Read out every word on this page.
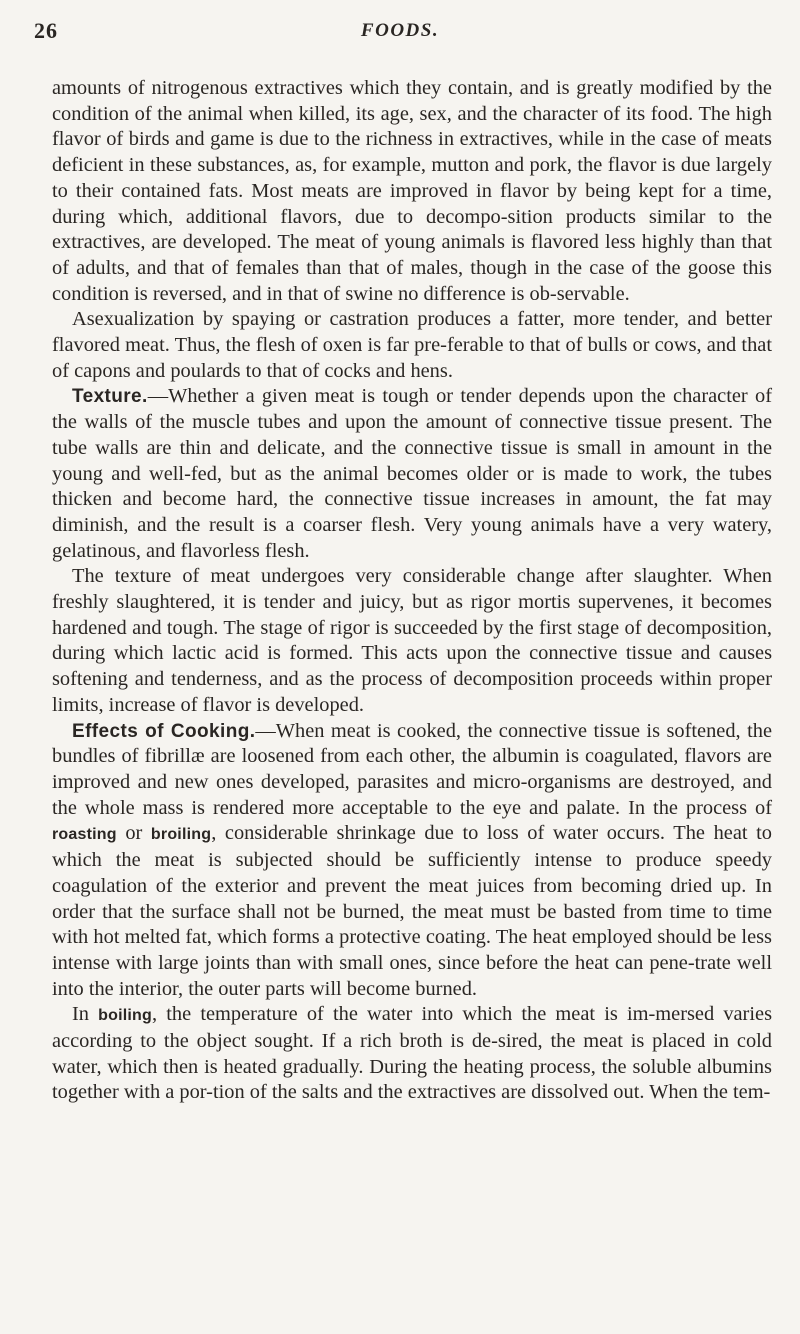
26	FOODS.

amounts of nitrogenous extractives which they contain, and is greatly modified by the condition of the animal when killed, its age, sex, and the character of its food. The high flavor of birds and game is due to the richness in extractives, while in the case of meats deficient in these substances, as, for example, mutton and pork, the flavor is due largely to their contained fats. Most meats are improved in flavor by being kept for a time, during which, additional flavors, due to decompo-sition products similar to the extractives, are developed. The meat of young animals is flavored less highly than that of adults, and that of females than that of males, though in the case of the goose this condition is reversed, and in that of swine no difference is ob-servable.

Asexualization by spaying or castration produces a fatter, more tender, and better flavored meat. Thus, the flesh of oxen is far pre-ferable to that of bulls or cows, and that of capons and poulards to that of cocks and hens.

Texture.—Whether a given meat is tough or tender depends upon the character of the walls of the muscle tubes and upon the amount of connective tissue present. The tube walls are thin and delicate, and the connective tissue is small in amount in the young and well-fed, but as the animal becomes older or is made to work, the tubes thicken and become hard, the connective tissue increases in amount, the fat may diminish, and the result is a coarser flesh. Very young animals have a very watery, gelatinous, and flavorless flesh.

The texture of meat undergoes very considerable change after slaughter. When freshly slaughtered, it is tender and juicy, but as rigor mortis supervenes, it becomes hardened and tough. The stage of rigor is succeeded by the first stage of decomposition, during which lactic acid is formed. This acts upon the connective tissue and causes softening and tenderness, and as the process of decomposition proceeds within proper limits, increase of flavor is developed.

Effects of Cooking.—When meat is cooked, the connective tissue is softened, the bundles of fibrillæ are loosened from each other, the albumin is coagulated, flavors are improved and new ones developed, parasites and micro-organisms are destroyed, and the whole mass is rendered more acceptable to the eye and palate. In the process of roasting or broiling, considerable shrinkage due to loss of water occurs. The heat to which the meat is subjected should be sufficiently intense to produce speedy coagulation of the exterior and prevent the meat juices from becoming dried up. In order that the surface shall not be burned, the meat must be basted from time to time with hot melted fat, which forms a protective coating. The heat employed should be less intense with large joints than with small ones, since before the heat can pene-trate well into the interior, the outer parts will become burned.

In boiling, the temperature of the water into which the meat is im-mersed varies according to the object sought. If a rich broth is de-sired, the meat is placed in cold water, which then is heated gradually. During the heating process, the soluble albumins together with a por-tion of the salts and the extractives are dissolved out. When the tem-
